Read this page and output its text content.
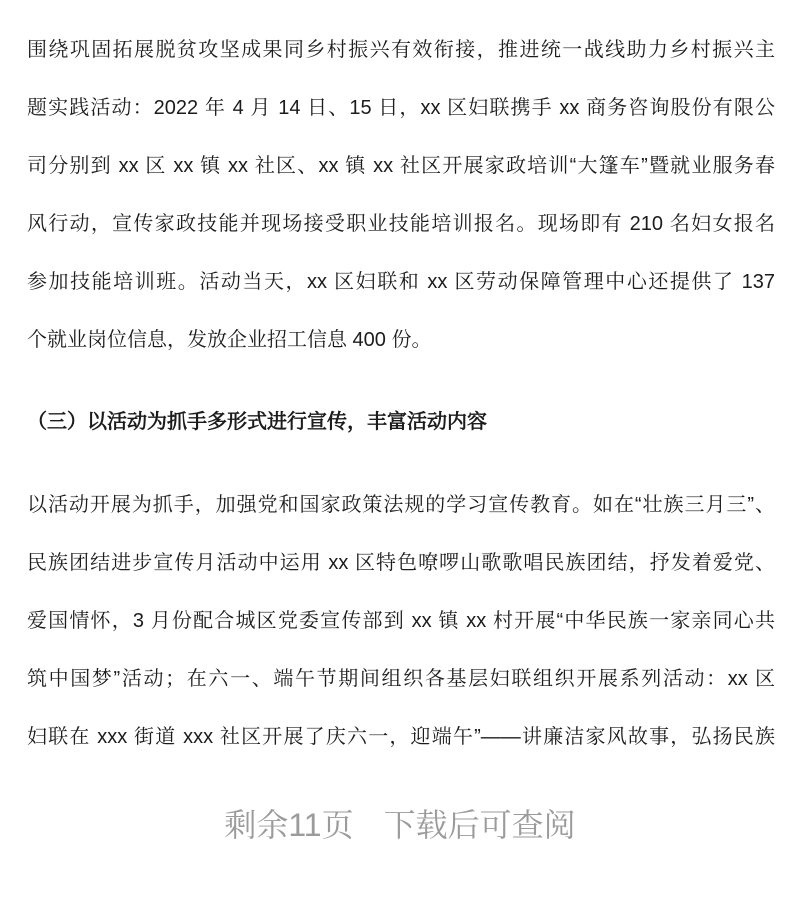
围绕巩固拓展脱贫攻坚成果同乡村振兴有效衔接，推进统一战线助力乡村振兴主
题实践活动：2022 年 4 月 14 日、15 日，xx 区妇联携手 xx 商务咨询股份有限公
司分别到 xx 区 xx 镇 xx 社区、xx 镇 xx 社区开展家政培训“大篷车”暨就业服务春
风行动，宣传家政技能并现场接受职业技能培训报名。现场即有 210 名妇女报名
参加技能培训班。活动当天，xx 区妇联和 xx 区劳动保障管理中心还提供了 137
个就业岗位信息，发放企业招工信息 400 份。
（三）以活动为抓手多形式进行宣传，丰富活动内容
以活动开展为抓手，加强党和国家政策法规的学习宣传教育。如在“壮族三月三”、
民族团结进步宣传月活动中运用 xx 区特色嘹啰山歌歌唱民族团结，抒发着爱党、
爱国情怀，3 月份配合城区党委宣传部到 xx 镇 xx 村开展“中华民族一家亲同心共
筑中国梦”活动；在六一、端午节期间组织各基层妇联组织开展系列活动：xx 区
妇联在 xxx 街道 xxx 社区开展了庆六一，迎端午”——讲廉洁家风故事，弘扬民族
剩余11页 下载后可查阅
